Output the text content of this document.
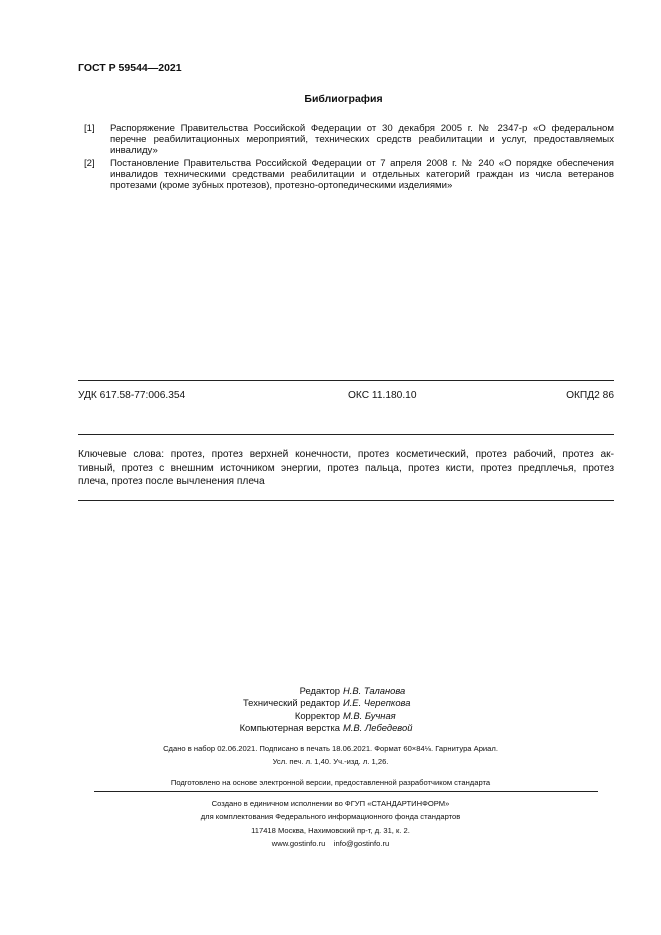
ГОСТ Р 59544—2021
Библиография
[1]	Распоряжение Правительства Российской Федерации от 30 декабря 2005 г. № 2347-р «О федеральном
перечне реабилитационных мероприятий, технических средств реабилитации и услуг, предоставляемых
инвалиду»
[2]	Постановление Правительства Российской Федерации от 7 апреля 2008 г. № 240 «О порядке обеспечения
инвалидов техническими средствами реабилитации и отдельных категорий граждан из числа ветеранов
протезами (кроме зубных протезов), протезно-ортопедическими изделиями»
УДК 617.58-77:006.354	ОКС 11.180.10	ОКПД2 86
Ключевые слова: протез, протез верхней конечности, протез косметический, протез рабочий, протез ак-
тивный, протез с внешним источником энергии, протез пальца, протез кисти, протез предплечья, протез
плеча, протез после вычленения плеча
Редактор Н.В. Таланова
Технический редактор И.Е. Черепкова
Корректор М.В. Бучная
Компьютерная верстка М.В. Лебедевой
Сдано в набор 02.06.2021. Подписано в печать 18.06.2021. Формат 60×84⅛. Гарнитура Ариал.
Усл. печ. л. 1,40. Уч.-изд. л. 1,26.
Подготовлено на основе электронной версии, предоставленной разработчиком стандарта
Создано в единичном исполнении во ФГУП «СТАНДАРТИНФОРМ»
для комплектования Федерального информационного фонда стандартов
117418 Москва, Нахимовский пр-т, д. 31, к. 2.
www.gostinfo.ru    info@gostinfo.ru
